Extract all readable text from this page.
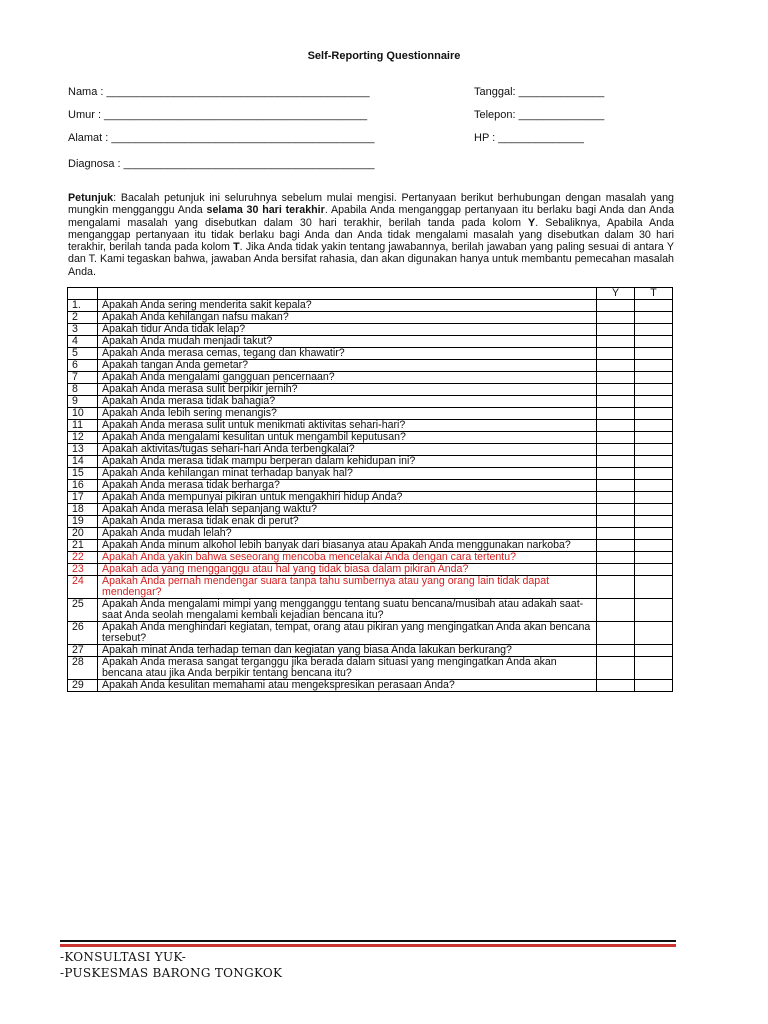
Self-Reporting Questionnaire
Nama : ___________________________________________
Umur : ___________________________________________
Alamat : ___________________________________________
Diagnosa : _________________________________________
Tanggal: ______________
Telepon: ______________
HP : ______________
Petunjuk: Bacalah petunjuk ini seluruhnya sebelum mulai mengisi. Pertanyaan berikut berhubungan dengan masalah yang mungkin mengganggu Anda selama 30 hari terakhir. Apabila Anda menganggap pertanyaan itu berlaku bagi Anda dan Anda mengalami masalah yang disebutkan dalam 30 hari terakhir, berilah tanda pada kolom Y. Sebaliknya, Apabila Anda menganggap pertanyaan itu tidak berlaku bagi Anda dan Anda tidak mengalami masalah yang disebutkan dalam 30 hari terakhir, berilah tanda pada kolom T. Jika Anda tidak yakin tentang jawabannya, berilah jawaban yang paling sesuai di antara Y dan T. Kami tegaskan bahwa, jawaban Anda bersifat rahasia, dan akan digunakan hanya untuk membantu pemecahan masalah Anda.
		Y	T
1.	Apakah Anda sering menderita sakit kepala?		
2	Apakah Anda kehilangan nafsu makan?		
3	Apakah tidur Anda tidak lelap?		
4	Apakah Anda mudah menjadi takut?		
5	Apakah Anda merasa cemas, tegang dan khawatir?		
6	Apakah tangan Anda gemetar?		
7	Apakah Anda mengalami gangguan pencernaan?		
8	Apakah Anda merasa sulit berpikir jernih?		
9	Apakah Anda merasa tidak bahagia?		
10	Apakah Anda lebih sering menangis?		
11	Apakah Anda merasa sulit untuk menikmati aktivitas sehari-hari?		
12	Apakah Anda mengalami kesulitan untuk mengambil keputusan?		
13	Apakah aktivitas/tugas sehari-hari Anda terbengkalai?		
14	Apakah Anda merasa tidak mampu berperan dalam kehidupan ini?		
15	Apakah Anda kehilangan minat terhadap banyak hal?		
16	Apakah Anda merasa tidak berharga?		
17	Apakah Anda mempunyai pikiran untuk mengakhiri hidup Anda?		
18	Apakah Anda merasa lelah sepanjang waktu?		
19	Apakah Anda merasa tidak enak di perut?		
20	Apakah Anda mudah lelah?		
21	Apakah Anda minum alkohol lebih banyak dari biasanya atau Apakah Anda menggunakan narkoba?		
22	Apakah Anda yakin bahwa seseorang mencoba mencelakai Anda dengan cara tertentu?		
23	Apakah ada yang mengganggu atau hal yang tidak biasa dalam pikiran Anda?		
24	Apakah Anda pernah mendengar suara tanpa tahu sumbernya atau yang orang lain tidak dapat mendengar?		
25	Apakah Anda mengalami mimpi yang mengganggu tentang suatu bencana/musibah atau adakah saat-saat Anda seolah mengalami kembali kejadian bencana itu?		
26	Apakah Anda menghindari kegiatan, tempat, orang atau pikiran yang mengingatkan Anda akan bencana tersebut?		
27	Apakah minat Anda terhadap teman dan kegiatan yang biasa Anda lakukan berkurang?		
28	Apakah Anda merasa sangat terganggu jika berada dalam situasi yang mengingatkan Anda akan bencana atau jika Anda berpikir tentang bencana itu?		
29	Apakah Anda kesulitan memahami atau mengekspresikan perasaan Anda?		
-KONSULTASI YUK-
-PUSKESMAS BARONG TONGKOK
